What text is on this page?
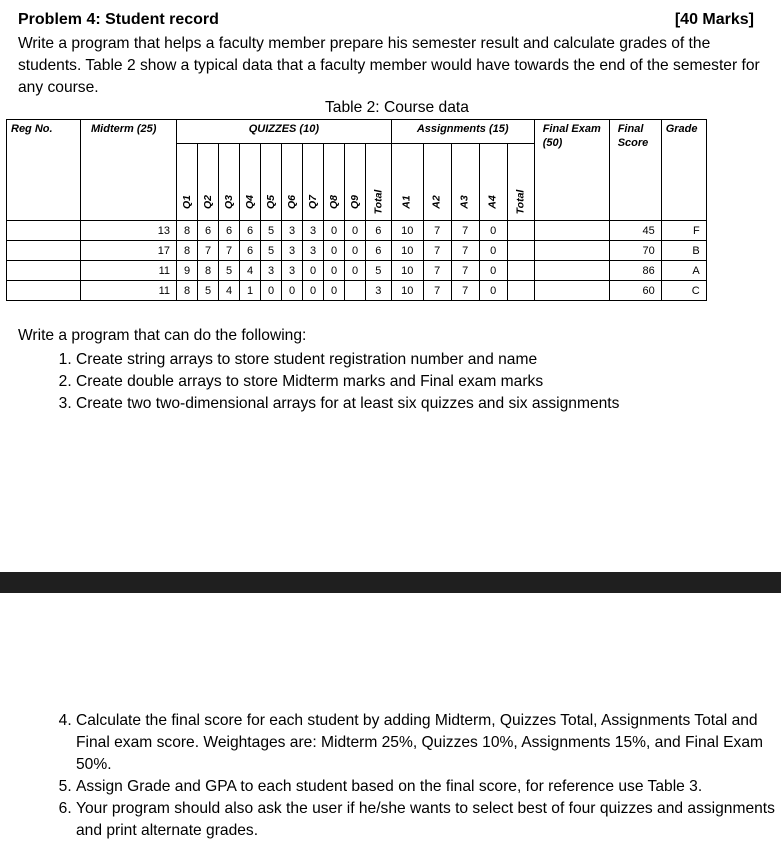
Problem 4: Student record	[40 Marks]
Write a program that helps a faculty member prepare his semester result and calculate grades of the students. Table 2 show a typical data that a faculty member would have towards the end of the semester for any course.
Table 2: Course data
Reg No.	Midterm (25)	QUIZZES (10)										Assignments (15)					Final Exam (50)	Final Score	Grade
		Q1	Q2	Q3	Q4	Q5	Q6	Q7	Q8	Q9	Total	A1	A2	A3	A4	Total			
	13	8	6	6	6	5	3	3	0	0	6	10	7	7	0			45	F
	17	8	7	7	6	5	3	3	0	0	6	10	7	7	0			70	B
	11	9	8	5	4	3	3	0	0	0	5	10	7	7	0			86	A
	11	8	5	4	1	0	0	0	0		3	10	7	7	0			60	C
Write a program that can do the following:
1. Create string arrays to store student registration number and name
2. Create double arrays to store Midterm marks and Final exam marks
3. Create two two-dimensional arrays for at least six quizzes and six assignments
4. Calculate the final score for each student by adding Midterm, Quizzes Total, Assignments Total and Final exam score. Weightages are: Midterm 25%, Quizzes 10%, Assignments 15%, and Final Exam 50%.
5. Assign Grade and GPA to each student based on the final score, for reference use Table 3.
6. Your program should also ask the user if he/she wants to select best of four quizzes and assignments and print alternate grades.
